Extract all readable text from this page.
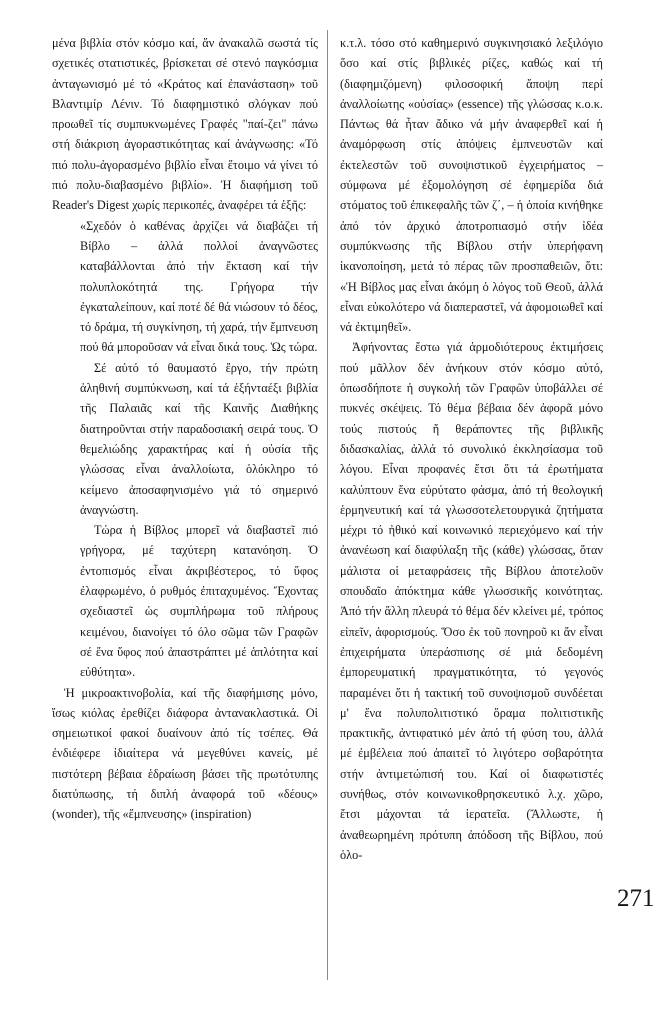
μένα βιβλία στόν κόσμο καί, ἄν ἀνακαλῶ σωστά τίς σχετικές στατιστικές, βρίσκεται σέ στενό παγκόσμια ἀνταγωνισμό μέ τό «Κράτος καί ἐπανάσταση» τοῦ Βλαντιμίρ Λένιν. Τό διαφημιστικό σλόγκαν πού προωθεῖ τίς συμπυκνωμένες Γραφές "παί-ζει" πάνω στή διάκριση ἀγοραστικότητας καί ἀνάγνωσης: «Τό πιό πολυ-ἀγορασμένο βιβλίο εἶναι ἕτοιμο νά γίνει τό πιό πολυ-διαβασμένο βιβλίο». Ἡ διαφήμιση τοῦ Reader's Digest χωρίς περικοπές, ἀναφέρει τά ἑξῆς:

«Σχεδόν ὁ καθένας ἀρχίζει νά διαβάζει τή Βίβλο – ἀλλά πολλοί ἀναγνῶστες καταβάλλονται ἀπό τήν ἔκταση καί τήν πολυπλοκότητά της. Γρήγορα τήν ἐγκαταλείπουν, καί ποτέ δέ θά νιώσουν τό δέος, τό δράμα, τή συγκίνηση, τή χαρά, τήν ἔμπνευση πού θά μποροῦσαν νά εἶναι δικά τους. Ὡς τώρα.

Σέ αὐτό τό θαυμαστό ἔργο, τήν πρώτη ἀληθινή συμπύκνωση, καί τά ἑξήνταέξι βιβλία τῆς Παλαιᾶς καί τῆς Καινῆς Διαθήκης διατηροῦνται στήν παραδοσιακή σειρά τους. Ὁ θεμελιώδης χαρακτήρας καί ἡ οὐσία τῆς γλώσσας εἶναι ἀναλλοίωτα, ὁλόκληρο τό κείμενο ἀποσαφηνισμένο γιά τό σημερινό ἀναγνώστη.

Τώρα ἡ Βίβλος μπορεῖ νά διαβαστεῖ πιό γρήγορα, μέ ταχύτερη κατανόηση. Ὁ ἐντοπισμός εἶναι ἀκριβέστερος, τό ὕφος ἐλαφρωμένο, ὁ ρυθμός ἐπιταχυμένος. Ἔχοντας σχεδιαστεῖ ὡς συμπλήρωμα τοῦ πλήρους κειμένου, διανοίγει τό όλο σῶμα τῶν Γραφῶν σέ ἕνα ὕφος πού ἀπαστράπτει μέ ἁπλότητα καί εὐθύτητα».

Ἡ μικροακτινοβολία, καί τῆς διαφήμισης μόνο, ἴσως κιόλας ἐρεθίζει διάφορα ἀντανακλαστικά. Οἱ σημειωτικοί φακοί δυαίνουν ἀπό τίς τσέπες. Θά ἐνδιέφερε ἰδιαίτερα νά μεγεθύνει κανείς, μέ πιστότερη βέβαια ἑδραίωση βάσει τῆς πρωτότυπης διατύπωσης, τή διπλή ἀναφορά τοῦ «δέους» (wonder), τῆς «ἔμπνευσης» (inspiration)

κ.τ.λ. τόσο στό καθημερινό συγκινησιακό λεξιλόγιο ὅσο καί στίς βιβλικές ρίζες, καθώς καί τή (διαφημιζόμενη) φιλοσοφική ἄποψη περί ἀναλλοίωτης «οὐσίας» (essence) τῆς γλώσσας κ.ο.κ. Πάντως θά ἦταν ἄδικο νά μήν ἀναφερθεῖ καί ἡ ἀναμόρφωση στίς ἀπόψεις ἐμπνευστῶν καί ἐκτελεστῶν τοῦ συνοψιστικοῦ ἐγχειρήματος – σύμφωνα μέ ἐξομολόγηση σέ ἐφημερίδα διά στόματος τοῦ ἐπικεφαλῆς τῶν ζ΄, – ἡ ὁποία κινήθηκε ἀπό τόν ἀρχικό ἀποτροπιασμό στήν ἰδέα συμπύκνωσης τῆς Βίβλου στήν ὑπερήφανη ἱκανοποίηση, μετά τό πέρας τῶν προσπαθειῶν, ὅτι: «Ἡ Βίβλος μας εἶναι ἀκόμη ὁ λόγος τοῦ Θεοῦ, ἀλλά εἶναι εὐκολότερο νά διαπεραστεῖ, νά ἀφομοιωθεῖ καί νά ἐκτιμηθεῖ».

Ἀφήνοντας ἔστω γιά ἁρμοδιότερους ἐκτιμήσεις πού μᾶλλον δέν ἀνήκουν στόν κόσμο αὐτό, ὁπωσδήποτε ἡ συγκολή τῶν Γραφῶν ὑποβάλλει σέ πυκνές σκέψεις. Τό θέμα βέβαια δέν ἀφορᾶ μόνο τούς πιστούς ἤ θεράποντες τῆς βιβλικῆς διδασκαλίας, ἀλλά τό συνολικό ἐκκλησίασμα τοῦ λόγου. Εἶναι προφανές ἔτσι ὅτι τά ἐρωτήματα καλύπτουν ἕνα εὐρύτατο φάσμα, ἀπό τή θεολογική ἑρμηνευτική καί τά γλωσσοτελετουργικά ζητήματα μέχρι τό ἠθικό καί κοινωνικό περιεχόμενο καί τήν ἀνανέωση καί διαφύλαξη τῆς (κάθε) γλώσσας, ὅταν μάλιστα οἱ μεταφράσεις τῆς Βίβλου ἀποτελοῦν σπουδαῖο ἀπόκτημα κάθε γλωσσικῆς κοινότητας. Ἀπό τήν ἄλλη πλευρά τό θέμα δέν κλείνει μέ, τρόπος εἰπεῖν, ἀφορισμούς. Ὅσο ἐκ τοῦ πονηροῦ κι ἄν εἶναι ἐπιχειρήματα ὑπεράσπισης σέ μιά δεδομένη ἐμπορευματική πραγματικότητα, τό γεγονός παραμένει ὅτι ἡ τακτική τοῦ συνοψισμοῦ συνδέεται μ' ἕνα πολυπολιτιστικό ὅραμα πολιτιστικῆς πρακτικῆς, ἀντιφατικό μέν ἀπό τή φύση του, ἀλλά μέ ἐμβέλεια πού ἀπαιτεῖ τό λιγότερο σοβαρότητα στήν ἀντιμετώπισή του. Καί οἱ διαφωτιστές συνήθως, στόν κοινωνικοθρησκευτικό λ.χ. χῶρο, ἔτσι μάχονται τά ἱερατεῖα. (Ἄλλωστε, ἡ ἀναθεωρημένη πρότυπη ἀπόδοση τῆς Βίβλου, πού ὁλο-

271
